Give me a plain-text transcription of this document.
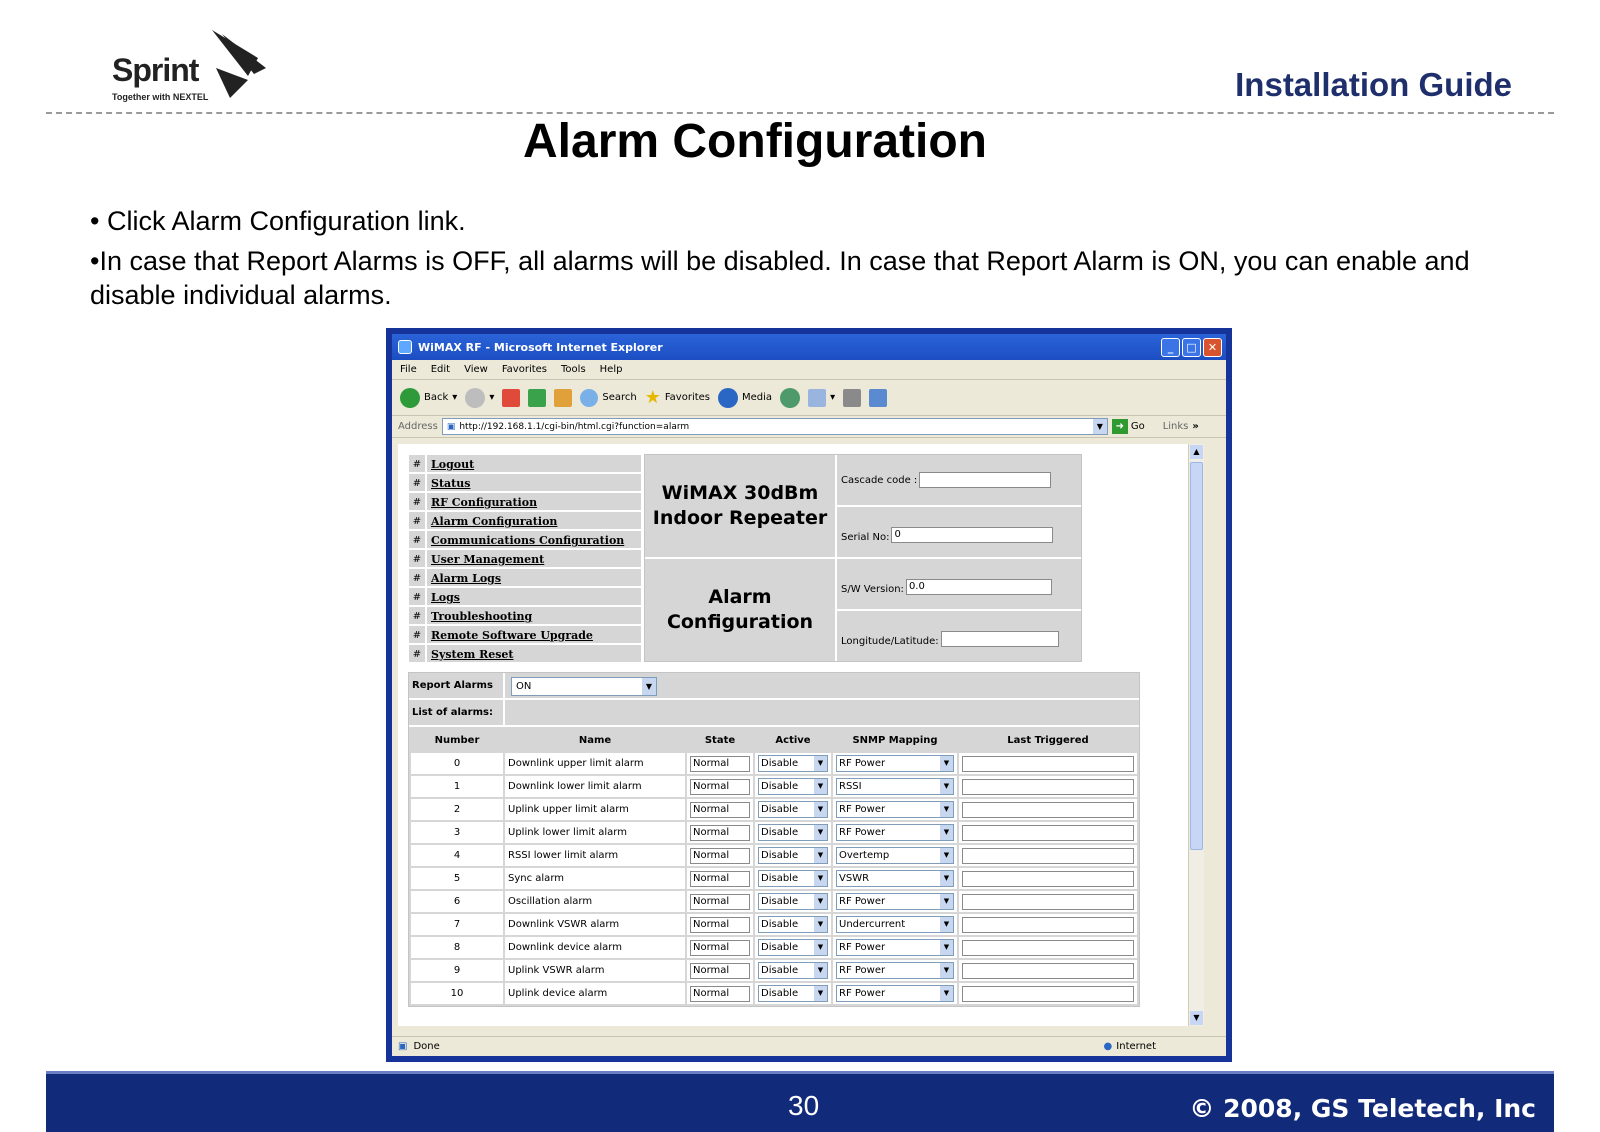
Sprint
Together with NEXTEL	Installation Guide
Alarm Configuration

• Click Alarm Configuration link.

•In case that Report Alarms is OFF, all alarms will be disabled. In case that Report Alarm is ON, you can enable and disable individual alarms.

WiMAX RF - Microsoft Internet Explorer	_	□	✕
File Edit View Favorites Tools Help
Back ▾	▾	Search ★ Favorites	Media	▾
Address ▣ http://192.168.1.1/cgi-bin/html.cgi?function=alarm	▼	➜ Go Links »
# Logout
# Status
# RF Configuration
# Alarm Configuration
# Communications Configuration
# User Management
# Alarm Logs
# Logs
# Troubleshooting
# Remote Software Upgrade
# System Reset
WiMAX 30dBm
Indoor Repeater
Cascade code :
Serial No: 0
Alarm
Configuration
S/W Version: 0.0
Longitude/Latitude:
Report Alarms	ON	▼
List of alarms:
Number	Name	State	Active	SNMP Mapping	Last Triggered
0	Downlink upper limit alarm	Normal	Disable ▼	RF Power ▼	

1	Downlink lower limit alarm	Normal	Disable ▼	RSSI ▼	

2	Uplink upper limit alarm	Normal	Disable ▼	RF Power ▼	

3	Uplink lower limit alarm	Normal	Disable ▼	RF Power ▼	

4	RSSI lower limit alarm	Normal	Disable ▼	Overtemp ▼	

5	Sync alarm	Normal	Disable ▼	VSWR ▼	

6	Oscillation alarm	Normal	Disable ▼	RF Power ▼	

7	Downlink VSWR alarm	Normal	Disable ▼	Undercurrent ▼	

8	Downlink device alarm	Normal	Disable ▼	RF Power ▼	

9	Uplink VSWR alarm	Normal	Disable ▼	RF Power ▼	

10	Uplink device alarm	Normal	Disable ▼	RF Power ▼	

▲
▼
▣ Done	● Internet
30	© 2008, GS Teletech, Inc
